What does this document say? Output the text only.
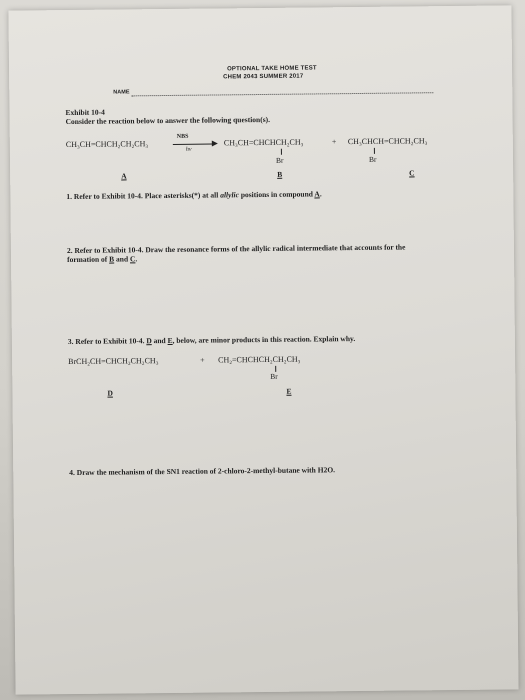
OPTIONAL TAKE HOME TEST
CHEM 2043 SUMMER 2017
NAME
Exhibit 10-4
Consider the reaction below to answer the following question(s).
CH₃CH=CHCH₂CH₂CH₃
NBS
hν
CH₃CH=CHCHCH₂CH₃
Br
+ CH₃CHCH=CHCH₂CH₃
Br
A	B	C
1. Refer to Exhibit 10-4. Place asterisks(*) at all allylic positions in compound A.
2. Refer to Exhibit 10-4. Draw the resonance forms of the allylic radical intermediate that accounts for the
formation of B and C.
3. Refer to Exhibit 10-4. D and E, below, are minor products in this reaction. Explain why.
BrCH₂CH=CHCH₂CH₂CH₃	+ CH₂=CHCHCH₂CH₂CH₃
Br
D	E
4. Draw the mechanism of the SN1 reaction of 2-chloro-2-methyl-butane with H2O.
